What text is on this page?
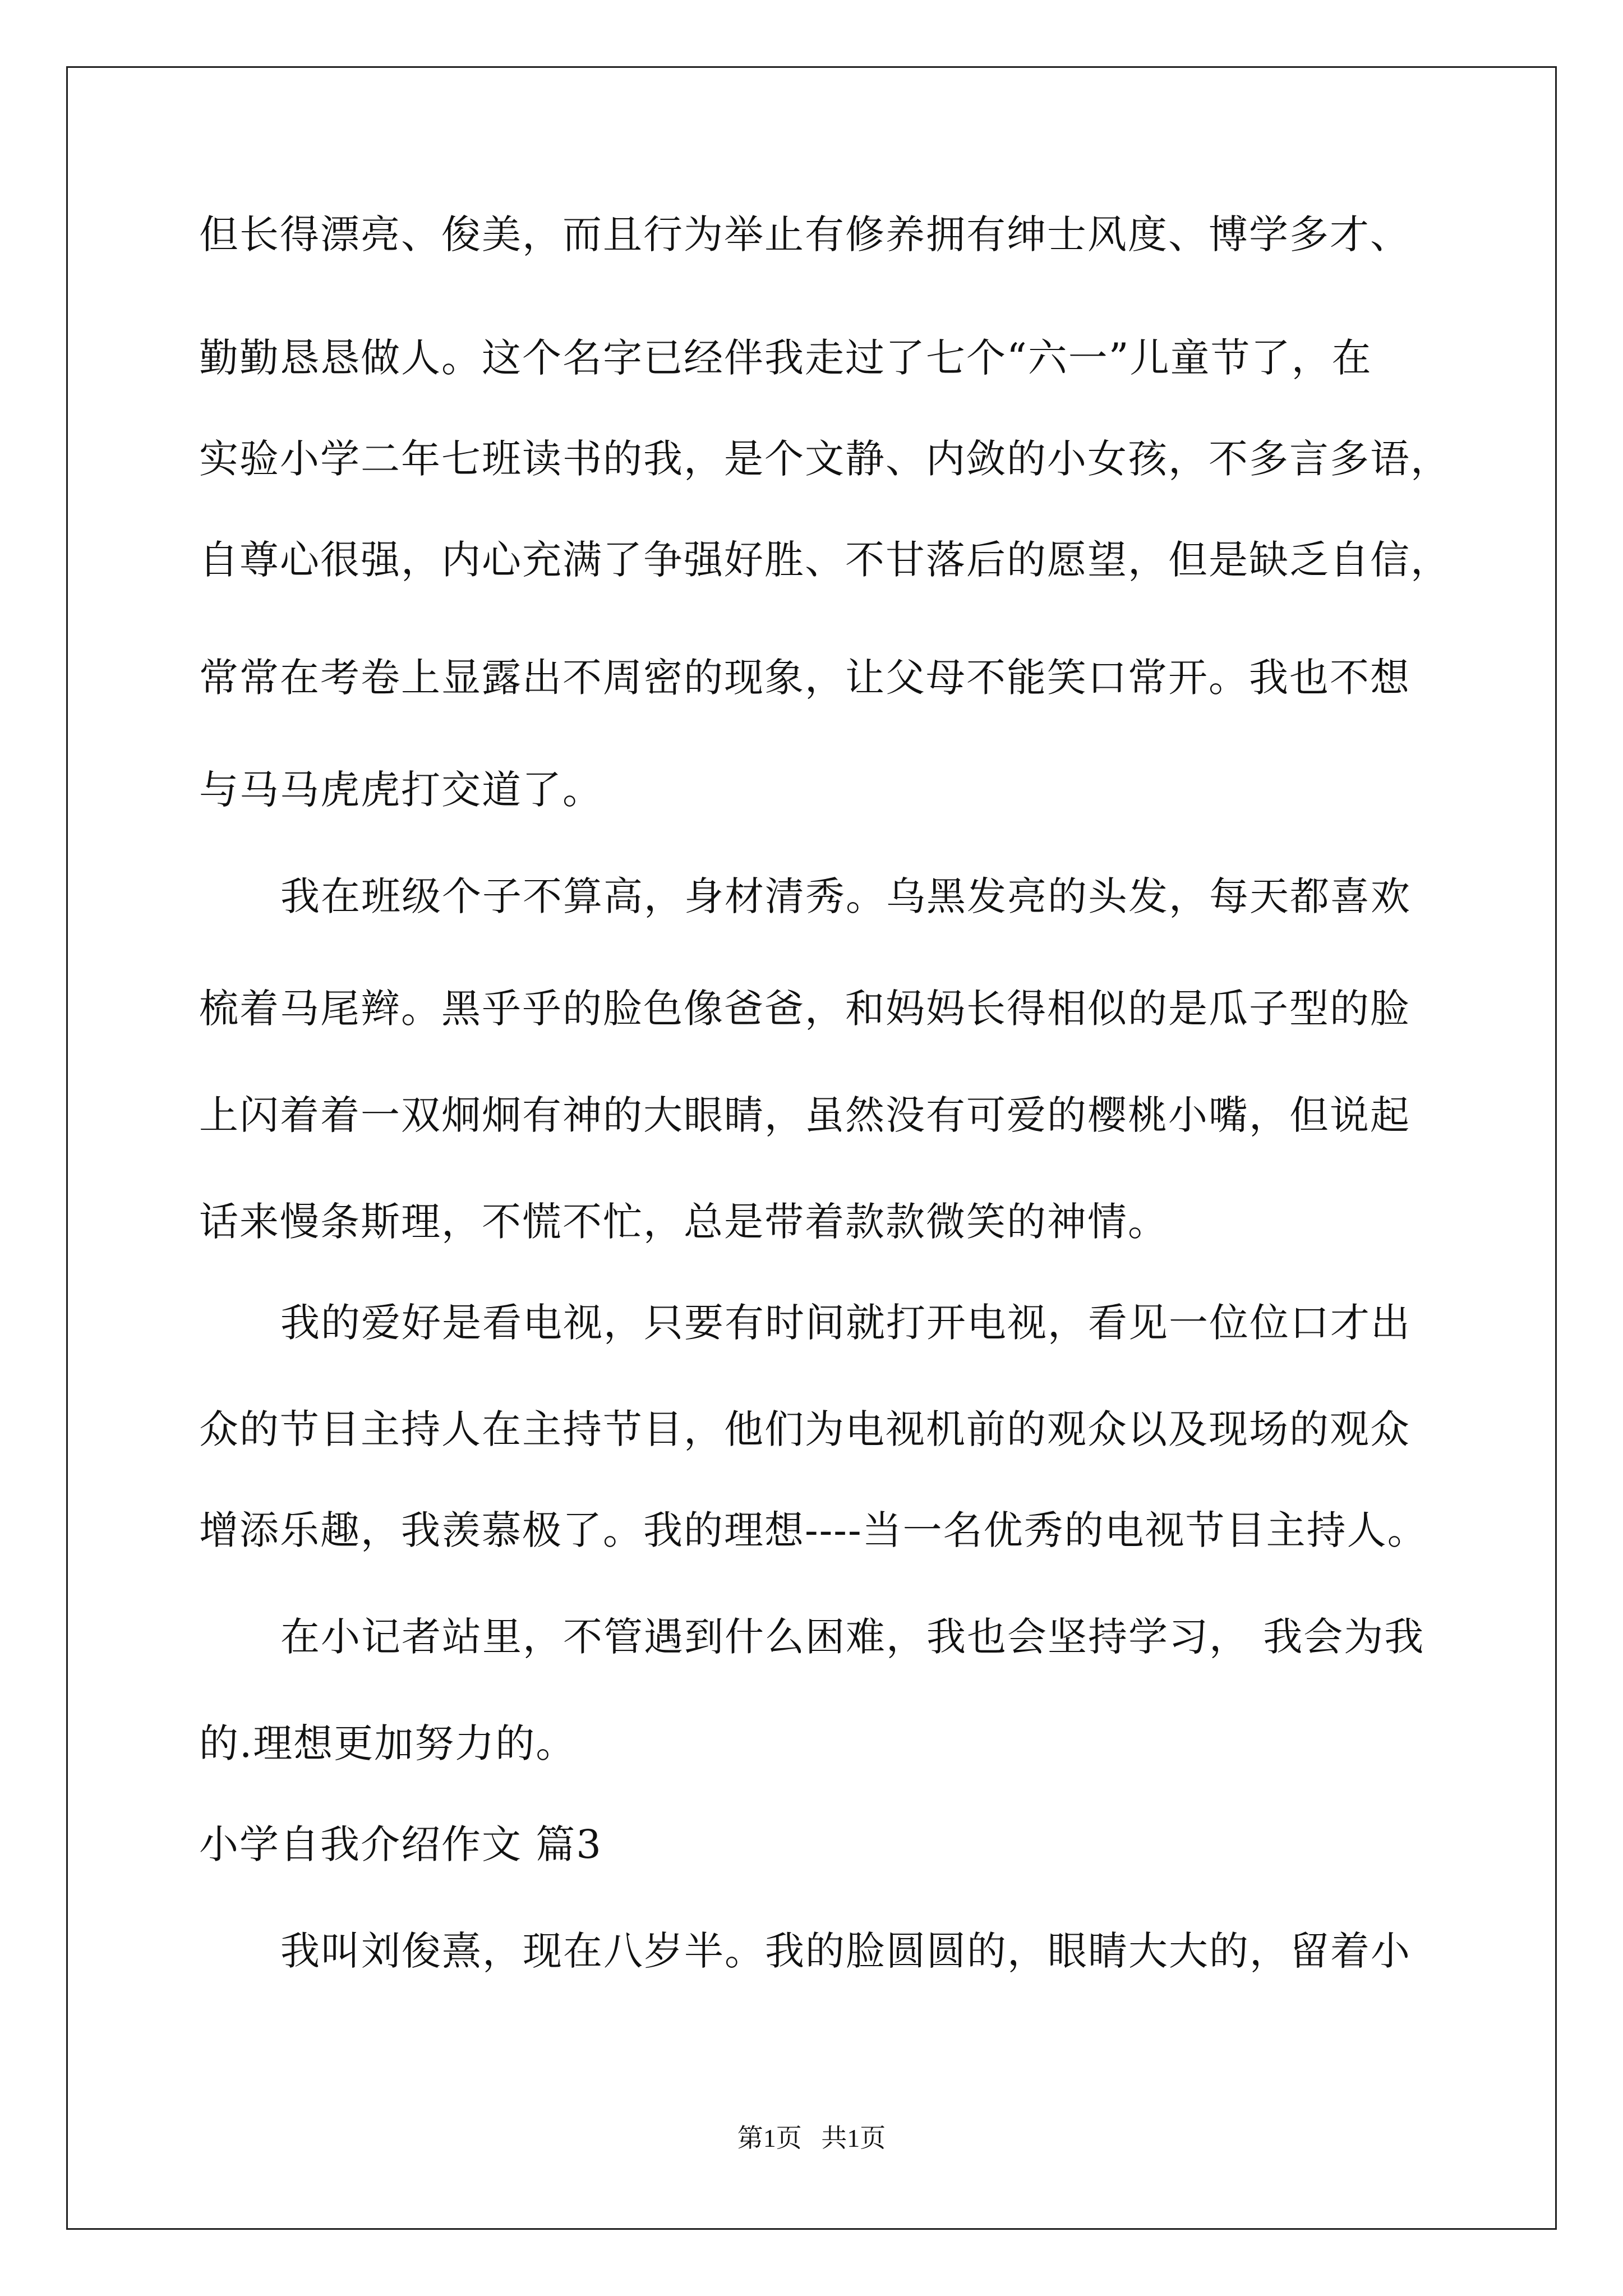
但长得漂亮、俊美，而且行为举止有修养拥有绅士风度、博学多才、
勤勤恳恳做人。这个名字已经伴我走过了七个“六一”儿童节了，在
实验小学二年七班读书的我，是个文静、内敛的小女孩，不多言多语，
自尊心很强，内心充满了争强好胜、不甘落后的愿望，但是缺乏自信，
常常在考卷上显露出不周密的现象，让父母不能笑口常开。我也不想
与马马虎虎打交道了。
我在班级个子不算高，身材清秀。乌黑发亮的头发，每天都喜欢
梳着马尾辫。黑乎乎的脸色像爸爸，和妈妈长得相似的是瓜子型的脸
上闪着着一双炯炯有神的大眼睛，虽然没有可爱的樱桃小嘴，但说起
话来慢条斯理，不慌不忙，总是带着款款微笑的神情。
我的爱好是看电视，只要有时间就打开电视，看见一位位口才出
众的节目主持人在主持节目，他们为电视机前的观众以及现场的观众
增添乐趣，我羡慕极了。我的理想----当一名优秀的电视节目主持人。
在小记者站里，不管遇到什么困难，我也会坚持学习， 我会为我
的.理想更加努力的。
小学自我介绍作文 篇3
我叫刘俊熹，现在八岁半。我的脸圆圆的，眼睛大大的，留着小
第1页   共1页
